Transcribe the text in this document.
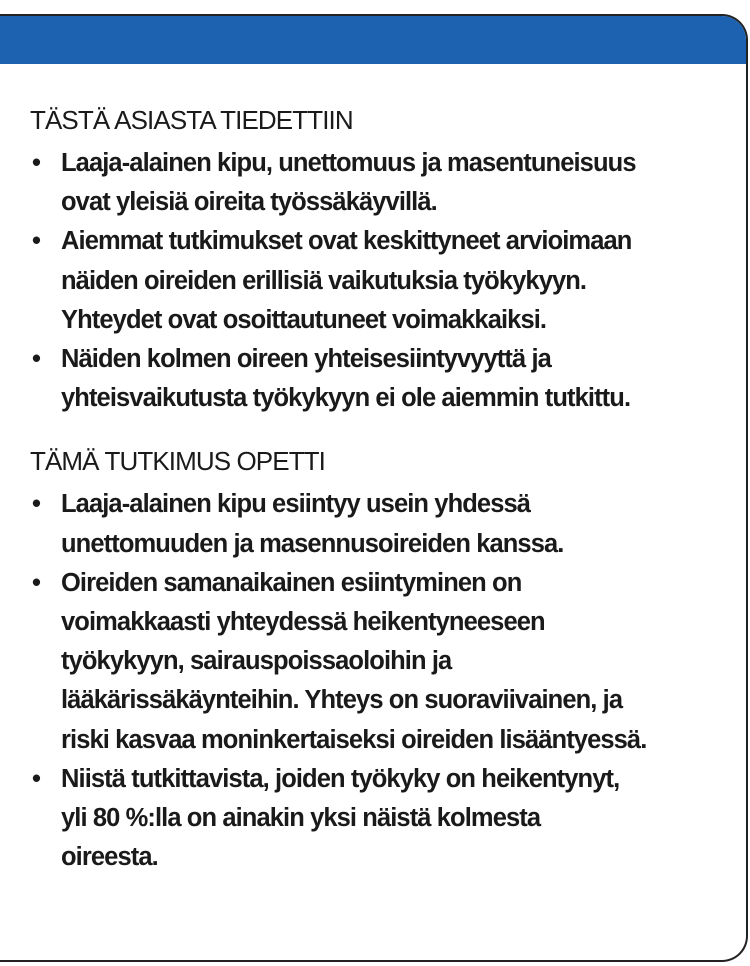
TÄSTÄ ASIASTA TIEDETTIIN
• Laaja-alainen kipu, unettomuus ja masentuneisuus
ovat yleisiä oireita työssäkäyvillä.
• Aiemmat tutkimukset ovat keskittyneet arvioimaan
näiden oireiden erillisiä vaikutuksia työkykyyn.
Yhteydet ovat osoittautuneet voimakkaiksi.
• Näiden kolmen oireen yhteisesiintyvyyttä ja
yhteisvaikutusta työkykyyn ei ole aiemmin tutkittu.
TÄMÄ TUTKIMUS OPETTI
• Laaja-alainen kipu esiintyy usein yhdessä
unettomuuden ja masennusoireiden kanssa.
• Oireiden samanaikainen esiintyminen on
voimakkaasti yhteydessä heikentyneeseen
työkykyyn, sairauspoissaoloihin ja
lääkärissäkäynteihin. Yhteys on suoraviivainen, ja
riski kasvaa moninkertaiseksi oireiden lisääntyessä.
• Niistä tutkittavista, joiden työkyky on heikentynyt,
yli 80 %:lla on ainakin yksi näistä kolmesta
oireesta.
